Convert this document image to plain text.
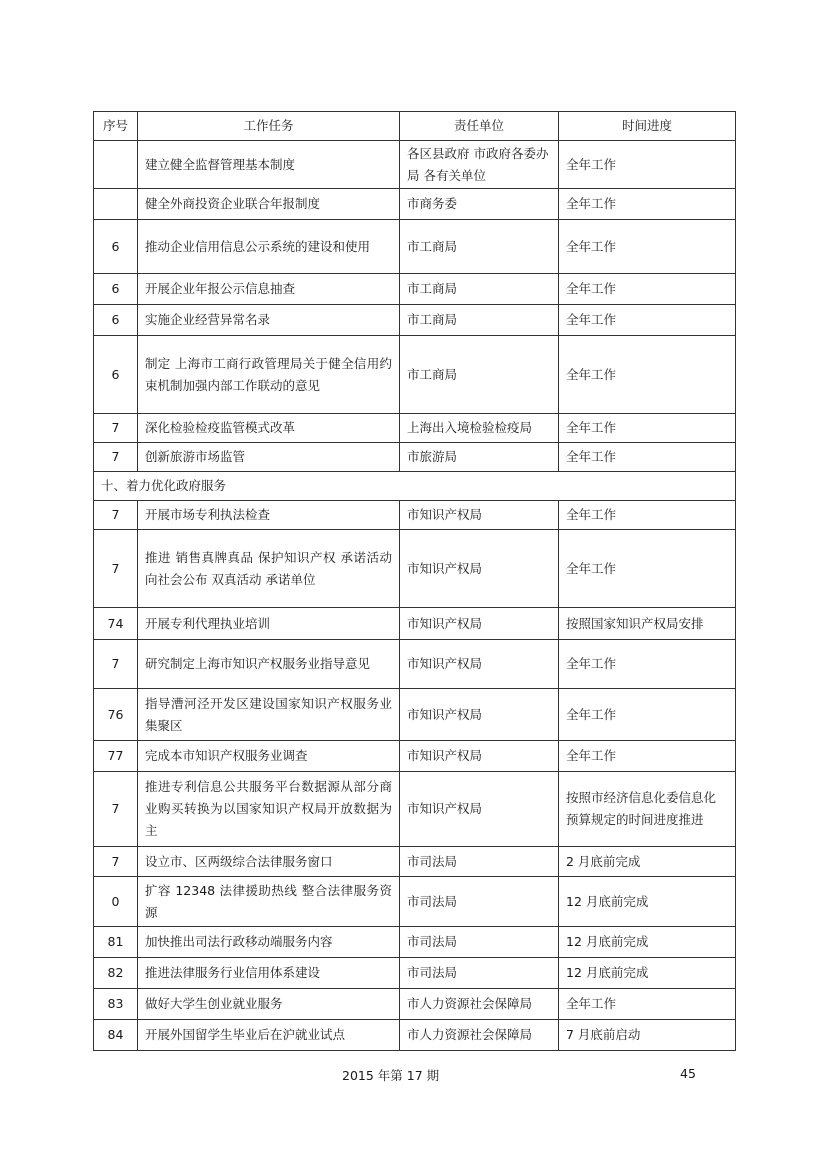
序号	工作任务	责任单位	时间进度
	建立健全监督管理基本制度	各区县政府 市政府各委办局 各有关单位	全年工作
	健全外商投资企业联合年报制度	市商务委	全年工作
6	推动企业信用信息公示系统的建设和使用	市工商局	全年工作
6	开展企业年报公示信息抽查	市工商局	全年工作
6	实施企业经营异常名录	市工商局	全年工作
6	制定 上海市工商行政管理局关于健全信用约束机制加强内部工作联动的意见	市工商局	全年工作
7	深化检验检疫监管模式改革	上海出入境检验检疫局	全年工作
7	创新旅游市场监管	市旅游局	全年工作
十、着力优化政府服务			
7	开展市场专利执法检查	市知识产权局	全年工作
7	推进 销售真牌真品 保护知识产权 承诺活动 向社会公布 双真活动 承诺单位	市知识产权局	全年工作
74	开展专利代理执业培训	市知识产权局	按照国家知识产权局安排
7	研究制定上海市知识产权服务业指导意见	市知识产权局	全年工作
76	指导漕河泾开发区建设国家知识产权服务业集聚区	市知识产权局	全年工作
77	完成本市知识产权服务业调查	市知识产权局	全年工作
7	推进专利信息公共服务平台数据源从部分商业购买转换为以国家知识产权局开放数据为主	市知识产权局	按照市经济信息化委信息化预算规定的时间进度推进
7	设立市、区两级综合法律服务窗口	市司法局	2 月底前完成
0	扩容 12348 法律援助热线 整合法律服务资源	市司法局	12 月底前完成
81	加快推出司法行政移动端服务内容	市司法局	12 月底前完成
82	推进法律服务行业信用体系建设	市司法局	12 月底前完成
83	做好大学生创业就业服务	市人力资源社会保障局	全年工作
84	开展外国留学生毕业后在沪就业试点	市人力资源社会保障局	7 月底前启动
2015 年第 17 期	45
